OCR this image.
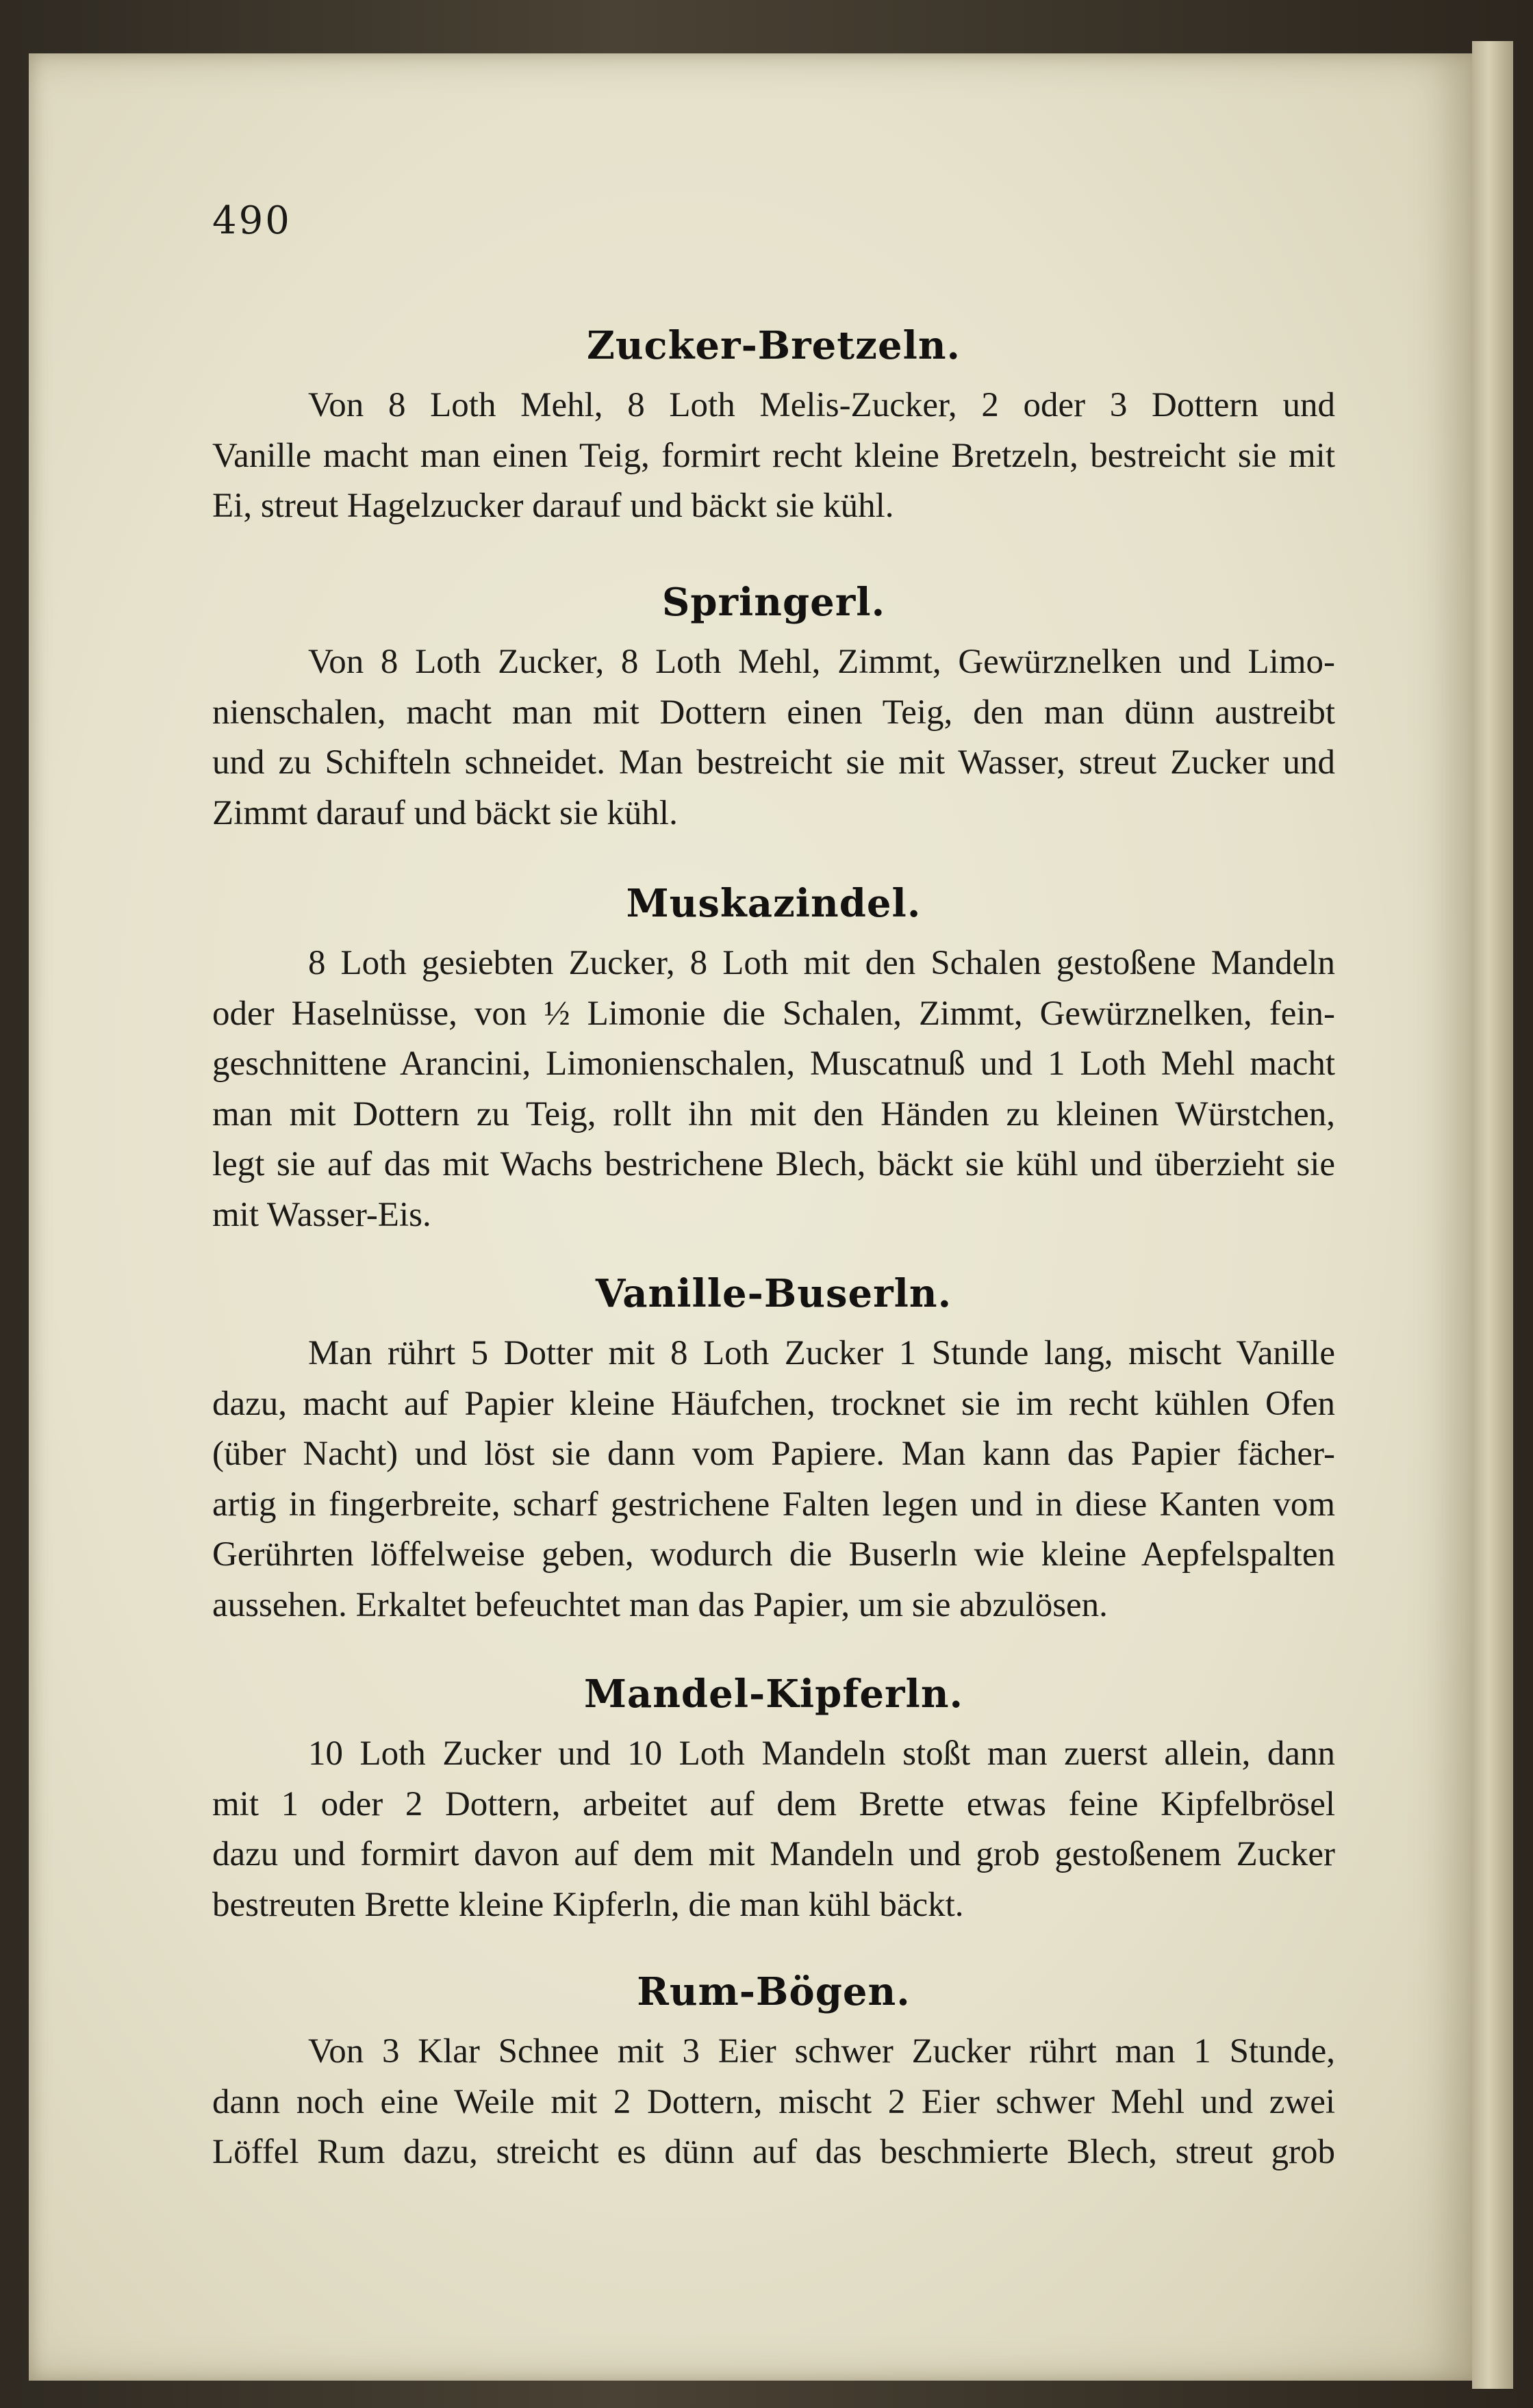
490
Zucker-Bretzeln.
Von 8 Loth Mehl, 8 Loth Melis-Zucker, 2 oder 3 Dottern und
Vanille macht man einen Teig, formirt recht kleine Bretzeln, bestreicht sie mit
Ei, streut Hagelzucker darauf und bäckt sie kühl.
Springerl.
Von 8 Loth Zucker, 8 Loth Mehl, Zimmt, Gewürznelken und Limo-
nienschalen, macht man mit Dottern einen Teig, den man dünn austreibt
und zu Schifteln schneidet. Man bestreicht sie mit Wasser, streut Zucker und
Zimmt darauf und bäckt sie kühl.
Muskazindel.
8 Loth gesiebten Zucker, 8 Loth mit den Schalen gestoßene Mandeln
oder Haselnüsse, von ½ Limonie die Schalen, Zimmt, Gewürznelken, fein-
geschnittene Arancini, Limonienschalen, Muscatnuß und 1 Loth Mehl macht
man mit Dottern zu Teig, rollt ihn mit den Händen zu kleinen Würstchen,
legt sie auf das mit Wachs bestrichene Blech, bäckt sie kühl und überzieht sie
mit Wasser-Eis.
Vanille-Buserln.
Man rührt 5 Dotter mit 8 Loth Zucker 1 Stunde lang, mischt Vanille
dazu, macht auf Papier kleine Häufchen, trocknet sie im recht kühlen Ofen
(über Nacht) und löst sie dann vom Papiere. Man kann das Papier fächer-
artig in fingerbreite, scharf gestrichene Falten legen und in diese Kanten vom
Gerührten löffelweise geben, wodurch die Buserln wie kleine Aepfelspalten
aussehen. Erkaltet befeuchtet man das Papier, um sie abzulösen.
Mandel-Kipferln.
10 Loth Zucker und 10 Loth Mandeln stoßt man zuerst allein, dann
mit 1 oder 2 Dottern, arbeitet auf dem Brette etwas feine Kipfelbrösel
dazu und formirt davon auf dem mit Mandeln und grob gestoßenem Zucker
bestreuten Brette kleine Kipferln, die man kühl bäckt.
Rum-Bögen.
Von 3 Klar Schnee mit 3 Eier schwer Zucker rührt man 1 Stunde,
dann noch eine Weile mit 2 Dottern, mischt 2 Eier schwer Mehl und zwei
Löffel Rum dazu, streicht es dünn auf das beschmierte Blech, streut grob
